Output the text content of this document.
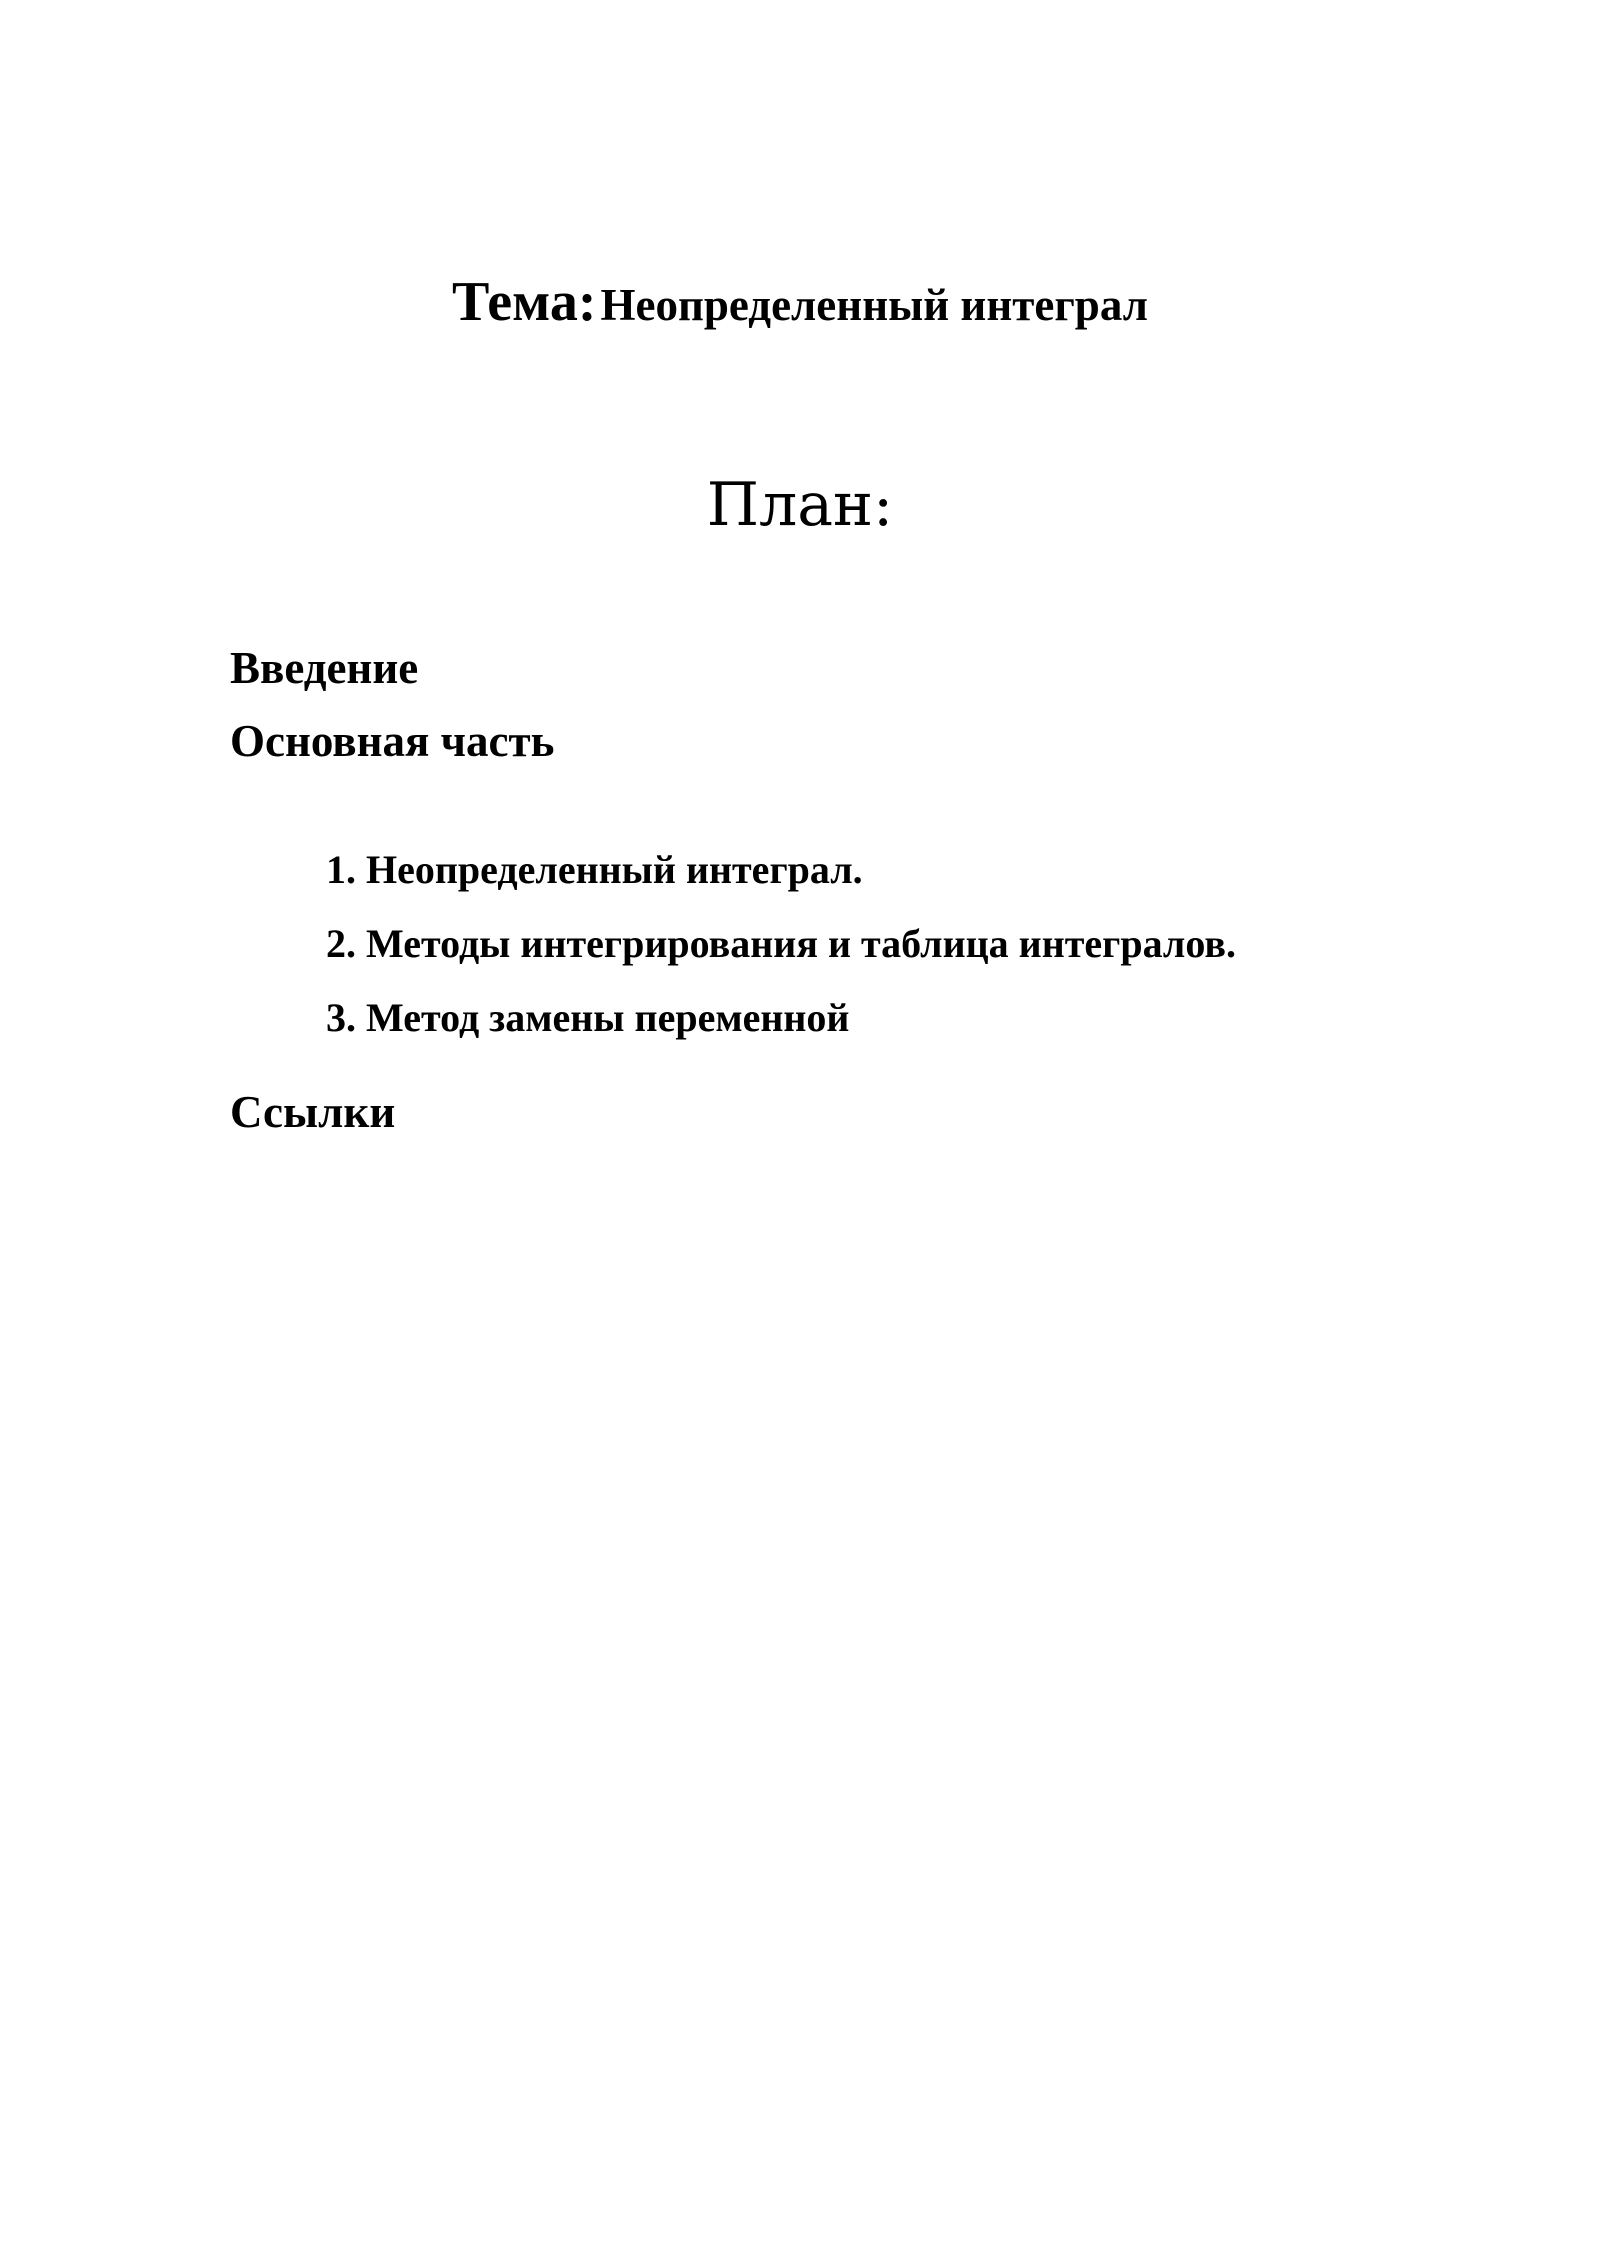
Тема: Неопределенный интеграл
План:
Введение
Основная часть
1. Неопределенный интеграл.
2. Методы интегрирования и таблица интегралов.
3. Метод замены переменной
Ссылки
